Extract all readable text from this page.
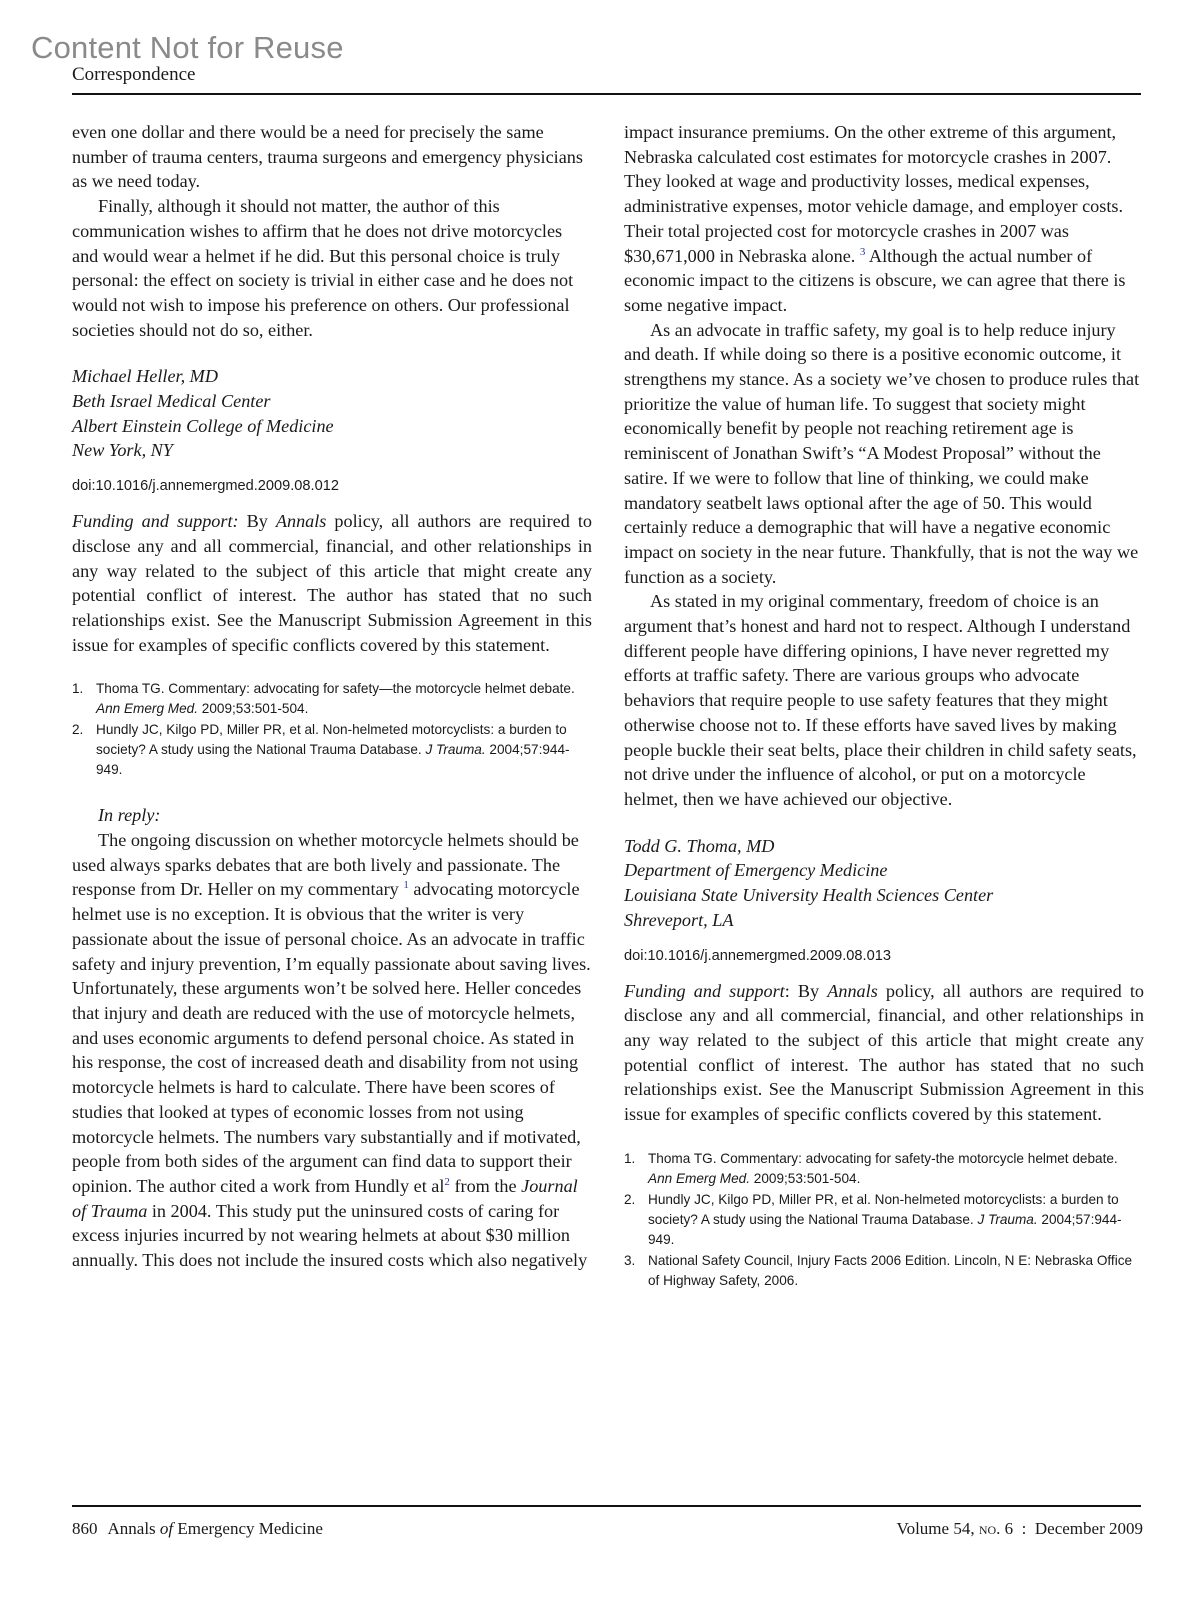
Content Not for Reuse
Correspondence

even one dollar and there would be a need for precisely the same number of trauma centers, trauma surgeons and emergency physicians as we need today.

Finally, although it should not matter, the author of this communication wishes to affirm that he does not drive motorcycles and would wear a helmet if he did. But this personal choice is truly personal: the effect on society is trivial in either case and he does not would not wish to impose his preference on others. Our professional societies should not do so, either.

Michael Heller, MD

Beth Israel Medical Center

Albert Einstein College of Medicine

New York, NY

doi:10.1016/j.annemergmed.2009.08.012

Funding and support: By Annals policy, all authors are required to disclose any and all commercial, financial, and other relationships in any way related to the subject of this article that might create any potential conflict of interest. The author has stated that no such relationships exist. See the Manuscript Submission Agreement in this issue for examples of specific conflicts covered by this statement.

1. Thoma TG. Commentary: advocating for safety—the motorcycle helmet debate. Ann Emerg Med. 2009;53:501-504.
2. Hundly JC, Kilgo PD, Miller PR, et al. Non-helmeted motorcyclists: a burden to society? A study using the National Trauma Database. J Trauma. 2004;57:944-949.

In reply:

The ongoing discussion on whether motorcycle helmets should be used always sparks debates that are both lively and passionate. The response from Dr. Heller on my commentary $^1$ advocating motorcycle helmet use is no exception. It is obvious that the writer is very passionate about the issue of personal choice. As an advocate in traffic safety and injury prevention, I’m equally passionate about saving lives. Unfortunately, these arguments won’t be solved here. Heller concedes that injury and death are reduced with the use of motorcycle helmets, and uses economic arguments to defend personal choice. As stated in his response, the cost of increased death and disability from not using motorcycle helmets is hard to calculate. There have been scores of studies that looked at types of economic losses from not using motorcycle helmets. The numbers vary substantially and if motivated, people from both sides of the argument can find data to support their opinion. The author cited a work from Hundly et $al^2$ from the Journal of Trauma in 2004. This study put the uninsured costs of caring for excess injuries incurred by not wearing helmets at about $30 million annually. This does not include the insured costs which also negatively

impact insurance premiums. On the other extreme of this argument, Nebraska calculated cost estimates for motorcycle crashes in 2007. They looked at wage and productivity losses, medical expenses, administrative expenses, motor vehicle damage, and employer costs. Their total projected cost for motorcycle crashes in 2007 was $30,671,000 in Nebraska alone. $^3$ Although the actual number of economic impact to the citizens is obscure, we can agree that there is some negative impact.

As an advocate in traffic safety, my goal is to help reduce injury and death. If while doing so there is a positive economic outcome, it strengthens my stance. As a society we’ve chosen to produce rules that prioritize the value of human life. To suggest that society might economically benefit by people not reaching retirement age is reminiscent of Jonathan Swift’s “A Modest Proposal” without the satire. If we were to follow that line of thinking, we could make mandatory seatbelt laws optional after the age of 50. This would certainly reduce a demographic that will have a negative economic impact on society in the near future. Thankfully, that is not the way we function as a society.

As stated in my original commentary, freedom of choice is an argument that’s honest and hard not to respect. Although I understand different people have differing opinions, I have never regretted my efforts at traffic safety. There are various groups who advocate behaviors that require people to use safety features that they might otherwise choose not to. If these efforts have saved lives by making people buckle their seat belts, place their children in child safety seats, not drive under the influence of alcohol, or put on a motorcycle helmet, then we have achieved our objective.

Todd G. Thoma, MD

Department of Emergency Medicine

Louisiana State University Health Sciences Center

Shreveport, LA

doi:10.1016/j.annemergmed.2009.08.013

Funding and support: By Annals policy, all authors are required to disclose any and all commercial, financial, and other relationships in any way related to the subject of this article that might create any potential conflict of interest. The author has stated that no such relationships exist. See the Manuscript Submission Agreement in this issue for examples of specific conflicts covered by this statement.

1. Thoma TG. Commentary: advocating for safety-the motorcycle helmet debate. Ann Emerg Med. 2009;53:501-504.
2. Hundly JC, Kilgo PD, Miller PR, et al. Non-helmeted motorcyclists: a burden to society? A study using the National Trauma Database. J Trauma. 2004;57:944-949.
3. National Safety Council, Injury Facts 2006 Edition. Lincoln, N E: Nebraska Office of Highway Safety, 2006.
860 Annals of Emergency Medicine	Volume 54, no. 6  :  December 2009
